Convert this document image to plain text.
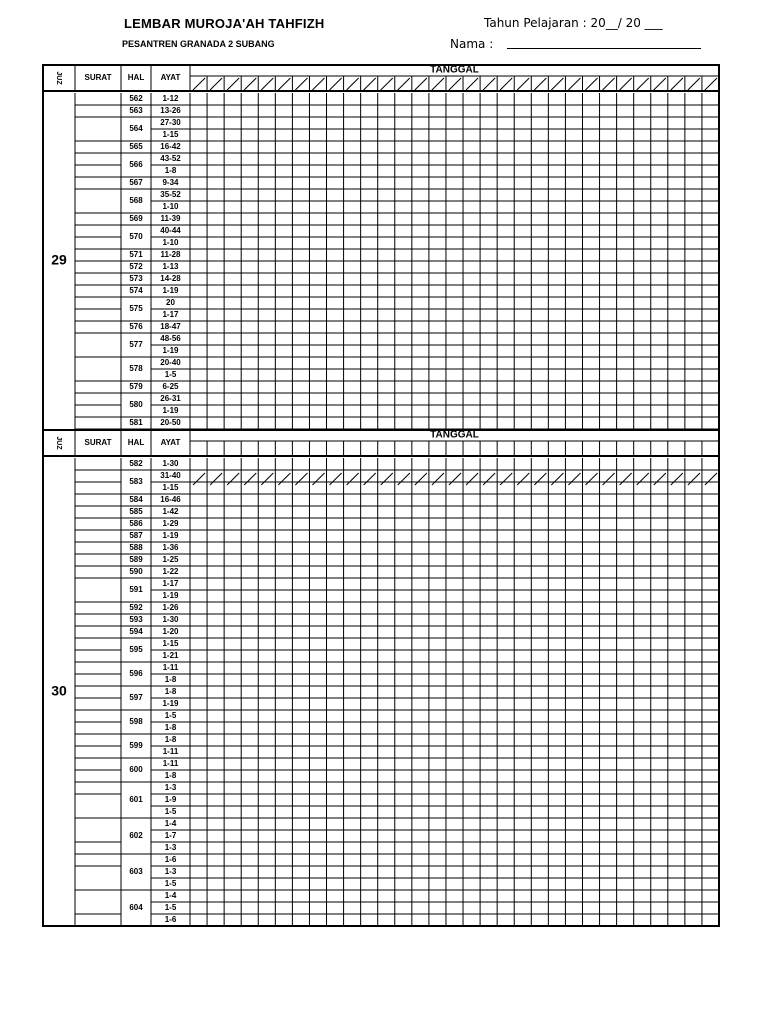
LEMBAR MUROJA'AH TAHFIZH
PESANTREN GRANADA 2 SUBANG
Tahun Pelajaran : 20__/ 20 ___
Nama :
JUZ	SURAT HAL AYAT
TANGGAL
562 1-12
563 13-26
564
27-30
1-15
565 16-42
566
43-52
1-8
567 9-34
568
35-52
1-10
569 11-39
570
40-44
1-10
571 11-28
572 1-13
573 14-28
574 1-19
575
20
1-17
576 18-47
577
48-56
1-19
578
20-40
1-5
579 6-25
580
26-31
1-19
581 20-50
29
JUZ	SURAT HAL AYAT
TANGGAL
582 1-30
583
31-40
1-15
584 16-46
585 1-42
586 1-29
587 1-19
588 1-36
589 1-25
590 1-22
591
1-17
1-19
592 1-26
593 1-30
594 1-20
595
1-15
1-21
596
1-11
1-8
597
1-8
1-19
598
1-5
1-8
599
1-8
1-11
600
1-11
1-8
601
1-3
1-9
1-5
602
1-4
1-7
1-3
603
1-6
1-3
1-5
604
1-4
1-5
1-6
30
